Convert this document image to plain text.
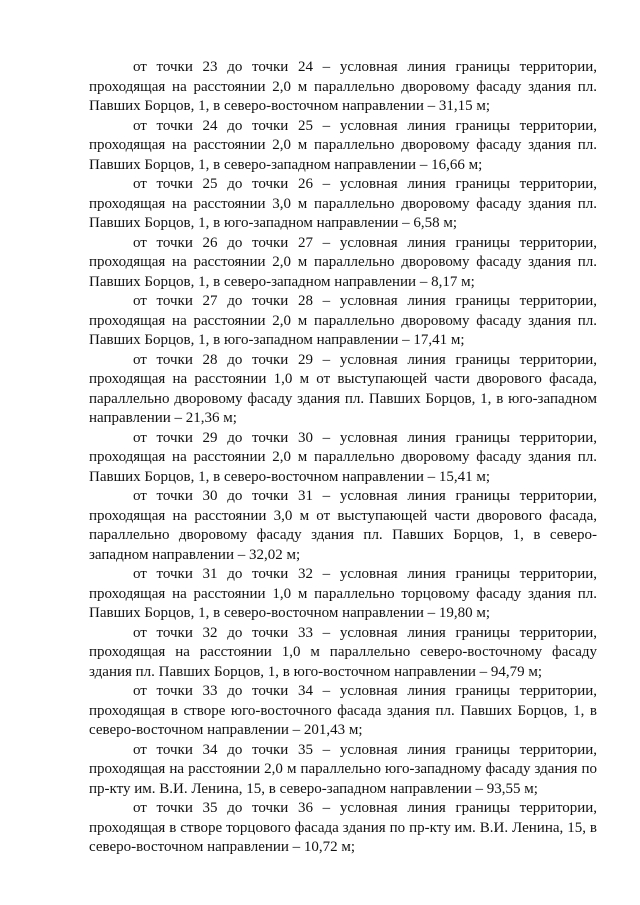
от точки 23 до точки 24 – условная линия границы территории, проходящая на расстоянии 2,0 м параллельно дворовому фасаду здания пл. Павших Борцов, 1, в северо-восточном направлении – 31,15 м;

от точки 24 до точки 25 – условная линия границы территории, проходящая на расстоянии 2,0 м параллельно дворовому фасаду здания пл. Павших Борцов, 1, в северо-западном направлении – 16,66 м;

от точки 25 до точки 26 – условная линия границы территории, проходящая на расстоянии 3,0 м параллельно дворовому фасаду здания пл. Павших Борцов, 1, в юго-западном направлении – 6,58 м;

от точки 26 до точки 27 – условная линия границы территории, проходящая на расстоянии 2,0 м параллельно дворовому фасаду здания пл. Павших Борцов, 1, в северо-западном направлении – 8,17 м;

от точки 27 до точки 28 – условная линия границы территории, проходящая на расстоянии 2,0 м параллельно дворовому фасаду здания пл. Павших Борцов, 1, в юго-западном направлении – 17,41 м;

от точки 28 до точки 29 – условная линия границы территории, проходящая на расстоянии 1,0 м от выступающей части дворового фасада, параллельно дворовому фасаду здания пл. Павших Борцов, 1, в юго-западном направлении – 21,36 м;

от точки 29 до точки 30 – условная линия границы территории, проходящая на расстоянии 2,0 м параллельно дворовому фасаду здания пл. Павших Борцов, 1, в северо-восточном направлении – 15,41 м;

от точки 30 до точки 31 – условная линия границы территории, проходящая на расстоянии 3,0 м от выступающей части дворового фасада, параллельно дворовому фасаду здания пл. Павших Борцов, 1, в северо-западном направлении – 32,02 м;

от точки 31 до точки 32 – условная линия границы территории, проходящая на расстоянии 1,0 м параллельно торцовому фасаду здания пл. Павших Борцов, 1, в северо-восточном направлении – 19,80 м;

от точки 32 до точки 33 – условная линия границы территории, проходящая на расстоянии 1,0 м параллельно северо-восточному фасаду здания пл. Павших Борцов, 1, в юго-восточном направлении – 94,79 м;

от точки 33 до точки 34 – условная линия границы территории, проходящая в створе юго-восточного фасада здания пл. Павших Борцов, 1, в северо-восточном направлении – 201,43 м;

от точки 34 до точки 35 – условная линия границы территории, проходящая на расстоянии 2,0 м параллельно юго-западному фасаду здания по пр-кту им. В.И. Ленина, 15, в северо-западном направлении – 93,55 м;

от точки 35 до точки 36 – условная линия границы территории, проходящая в створе торцового фасада здания по пр-кту им. В.И. Ленина, 15, в северо-восточном направлении – 10,72 м;
